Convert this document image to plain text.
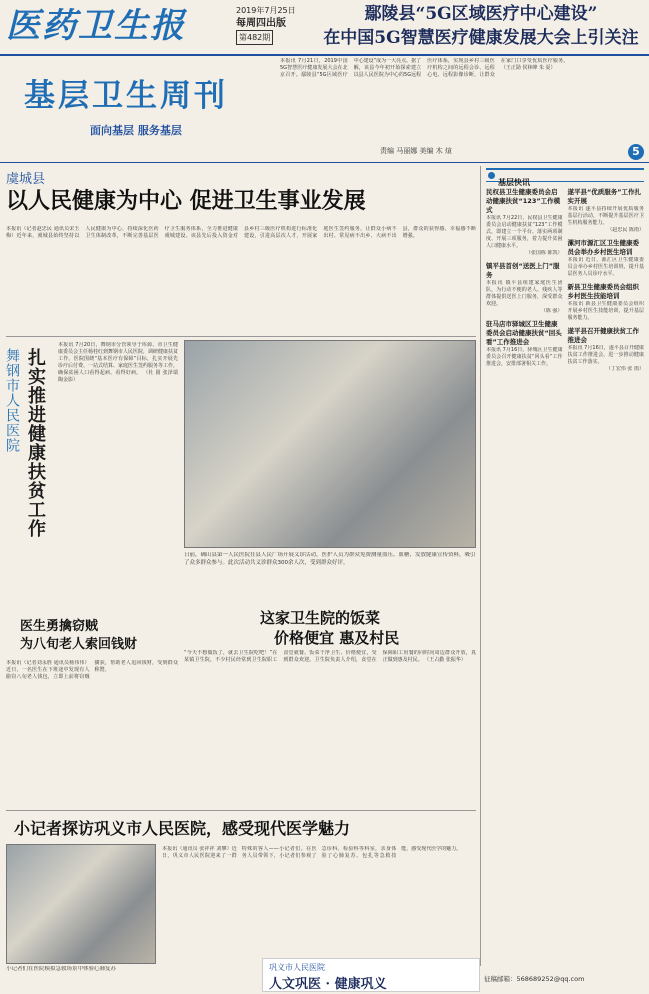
医药卫生报	2019年7月25日
每周四出版
第482期
鄢陵县“5G区域医疗中心建设”
在中国5G智慧医疗健康发展大会上引关注
本报讯 7月21日，2019中国5G智慧医疗健康发展大会在北京召开。鄢陵县“5G区域医疗中心建设”成为一大亮点。据了解，该县今年初开始探索建立以县人民医院为中心的5G远程医疗体系，实现县乡村三级医疗机构之间的远程会诊、远程心电、远程影像诊断，让群众在家门口享受优质医疗服务。 （王正勋 侯林峰 朱 夏）
基层卫生周刊
面向基层 服务基层
责编 马丽娜 美编 木 煊	5
虞城县
以人民健康为中心 促进卫生事业发展
本报讯（记者赵忠民 通讯员宋玉梅）近年来，虞城县始终坚持以人民健康为中心，持续深化医药卫生体制改革，不断完善基层医疗卫生服务体系，全力推进健康虞城建设。该县先后投入资金对县乡村三级医疗机构进行标准化建设，引进高层次人才，开展家庭医生签约服务，让群众小病不出村、常见病不出乡、大病不出县，群众的获得感、幸福感不断增强。
舞钢市人民医院 扎实推进健康扶贫工作
本报讯 7月20日，舞钢市分管领导于库源、市卫生健康委员会主任杨桂红到舞钢市人民医院，调研健康扶贫工作。医院围绕“基本医疗有保障”目标，扎实开展先诊疗后付费、一站式结算、家庭医生签约服务等工作，确保贫困人口看得起病、看得好病。 （杜 圆 张泽瑞 陶金影）
日前，确山县第一人民医院在县人民广场开展义诊活动，医护人员为群众免费测量血压、血糖，发放健康宣传资料，吸引了众多群众参与。此次活动共义诊群众300余人次，受到群众好评。
这家卫生院的饭菜
价格便宜 惠及村民
“今天不想做饭了，就去卫生院吃吧！”在某镇卫生院，不少村民经常到卫生院职工食堂就餐。饭菜干净卫生、价格便宜，受到群众欢迎。卫生院负责人介绍，食堂在保障职工用餐的同时向周边群众开放，真正做到惠及村民。 （王占勤 张振华）
医生勇擒窃贼
为八旬老人索回钱财
本报讯（记者刘永胜 通讯员杨伟伟）近日，一名医生在下班途中发现有人偷窃八旬老人钱包，立即上前将窃贼擒获，帮助老人追回钱财，受到群众称赞。
小记者探访巩义市人民医院，感受现代医学魅力
小记者们在医院模拟急救场景中体验心肺复苏
本报讯（通讯员 张祥祥 刘攀）近日，巩义市人民医院迎来了一群特殊的客人——小记者们。在医务人员带领下，小记者们参观了急诊科、检验科等科室，亲身体验了心肺复苏、包扎等急救技能，感受现代医学的魅力。
巩义市人民医院
人文巩医 · 健康巩义	征稿邮箱：568689252@qq.com
基层快讯
民权县卫生健康委员会启动健康扶贫“123”工作模式
本报讯 7月22日，民权县卫生健康委员会启动健康扶贫“123”工作模式，即建立一个平台、落实两项制度、开展三项服务，着力提升贫困人口健康水平。
（张国栋 陈凯）
镇平县首创“送医上门”服务
本报讯 镇平县组建家庭医生团队，为行动不便的老人、残疾人等群体提供送医上门服务，深受群众欢迎。
（陈 强）
驻马店市驿城区卫生健康委员会启动健康扶贫“回头看”工作推进会
本报讯 7月16日，驿城区卫生健康委员会召开健康扶贫“回头看”工作推进会，安排部署相关工作。
遂平县“优质服务”工作扎实开展
本报讯 遂平县持续开展优质服务基层行活动，不断提升基层医疗卫生机构服务能力。
（赵忠民 陈雨）
漯河市源汇区卫生健康委员会举办乡村医生培训
本报讯 近日，源汇区卫生健康委员会举办乡村医生培训班，提升基层医务人员诊疗水平。
新县卫生健康委员会组织乡村医生技能培训
本报讯 新县卫生健康委员会组织开展乡村医生技能培训，提升基层服务能力。
遂平县召开健康扶贫工作推进会
本报讯 7月16日，遂平县召开健康扶贫工作推进会，进一步推动健康扶贫工作落实。
（丁宏伟 张 雨）
